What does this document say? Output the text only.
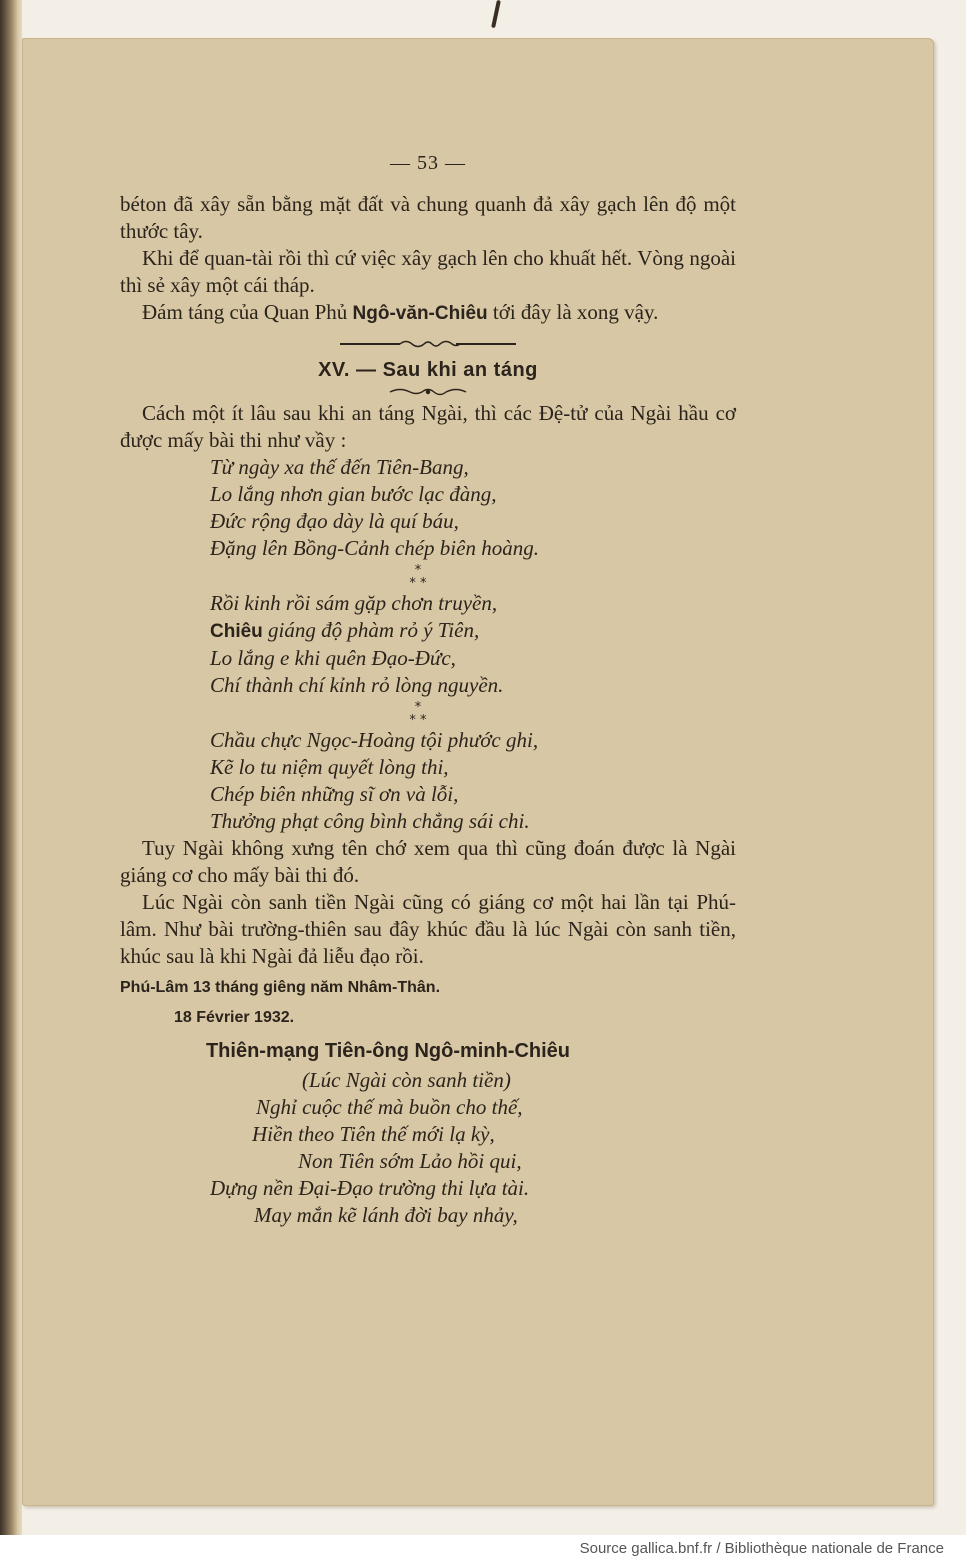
— 53 —

béton đã xây sẵn bằng mặt đất và chung quanh đả xây gạch lên độ một thước tây.

Khi để quan-tài rồi thì cứ việc xây gạch lên cho khuất hết. Vòng ngoài thì sẻ xây một cái tháp.

Đám táng của Quan Phủ Ngô-văn-Chiêu tới đây là xong vậy.

XV. — Sau khi an táng

Cách một ít lâu sau khi an táng Ngài, thì các Đệ-tử của Ngài hầu cơ được mấy bài thi như vầy :

Từ ngày xa thế đến Tiên-Bang,

Lo lắng nhơn gian bước lạc đàng,

Đức rộng đạo dày là quí báu,

Đặng lên Bồng-Cảnh chép biên hoàng.

*
* *

Rồi kinh rồi sám gặp chơn truyền,

Chiêu giáng độ phàm rỏ ý Tiên,

Lo lắng e khi quên Đạo-Đức,

Chí thành chí kỉnh rỏ lòng nguyền.

*
* *

Chầu chực Ngọc-Hoàng tội phước ghi,

Kẽ lo tu niệm quyết lòng thi,

Chép biên những sĩ ơn và lỗi,

Thưởng phạt công bình chẳng sái chi.

Tuy Ngài không xưng tên chớ xem qua thì cũng đoán được là Ngài giáng cơ cho mấy bài thi đó.

Lúc Ngài còn sanh tiền Ngài cũng có giáng cơ một hai lần tại Phú-lâm. Như bài trường-thiên sau đây khúc đầu là lúc Ngài còn sanh tiền, khúc sau là khi Ngài đả liễu đạo rồi.

Phú-Lâm 13 tháng giêng năm Nhâm-Thân.

18 Février 1932.

Thiên-mạng Tiên-ông Ngô-minh-Chiêu

(Lúc Ngài còn sanh tiền)

Nghỉ cuộc thế mà buồn cho thế,

Hiền theo Tiên thế mới lạ kỳ,

Non Tiên sớm Lảo hồi qui,

Dựng nền Đại-Đạo trường thi lựa tài.

May mắn kẽ lánh đời bay nhảy,

Source gallica.bnf.fr / Bibliothèque nationale de France
